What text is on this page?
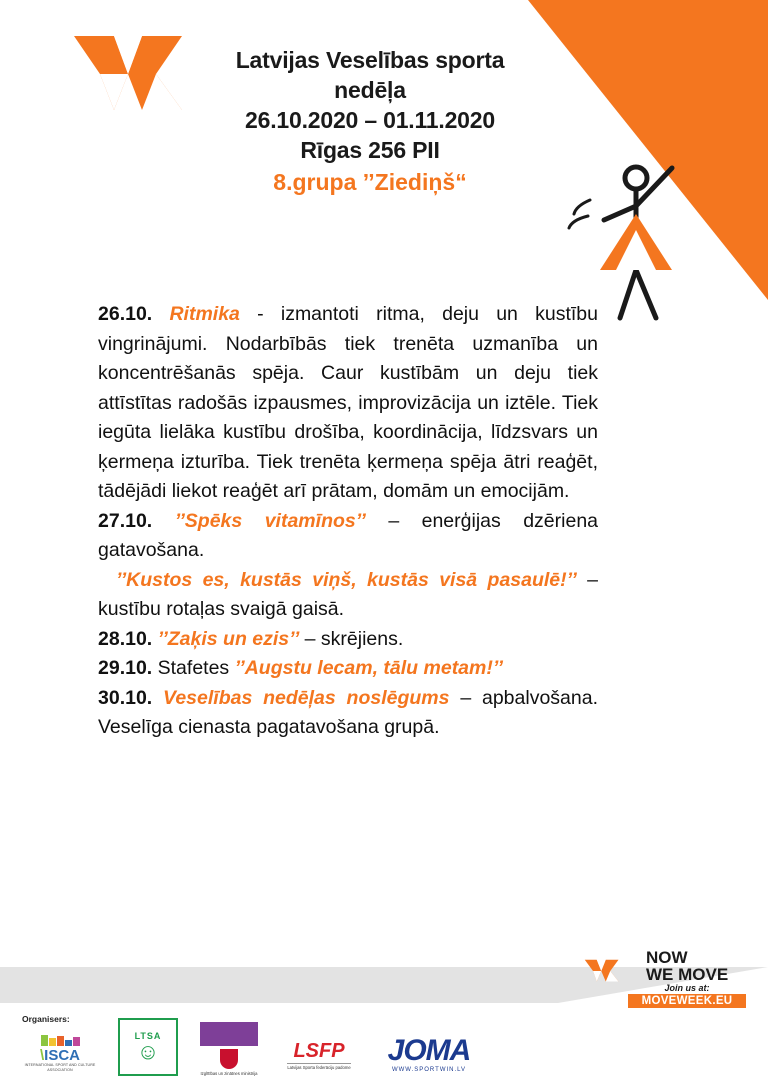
Latvijas Veselības sporta
nedēļa
26.10.2020 – 01.11.2020
Rīgas 256 PII
8.grupa ’’Ziediņš“

26.10. Ritmika - izmantoti ritma, deju un kustību vingrinājumi. Nodarbībās tiek trenēta uzmanība un koncentrēšanās spēja. Caur kustībām un deju tiek attīstītas radošās izpausmes, improvizācija un iztēle. Tiek iegūta lielāka kustību drošība, koordinācija, līdzsvars un ķermeņa izturība. Tiek trenēta ķermeņa spēja ātri reaģēt, tādējādi liekot reaģēt arī prātam, domām un emocijām.

27.10. ’’Spēks vitamīnos’’ – enerģijas dzēriena gatavošana.

’’Kustos es, kustās viņš, kustās visā pasaulē!’’ – kustību rotaļas svaigā gaisā.

28.10. ’’Zaķis un ezis’’ – skrējiens.

29.10. Stafetes ’’Augstu lecam, tālu metam!’’

30.10. Veselības nedēļas noslēgums – apbalvošana. Veselīga cienasta pagatavošana grupā.

NOW
WE MOVE
Join us at:
MOVEWEEK.EU
Organisers:
\ISCA
INTERNATIONAL SPORT AND CULTURE ASSOCIATION
LTSA
☺
Izglītības un zinātnes ministrija
LSFP
Latvijas Sporta federāciju padome
JOMA
WWW.SPORTWIN.LV
